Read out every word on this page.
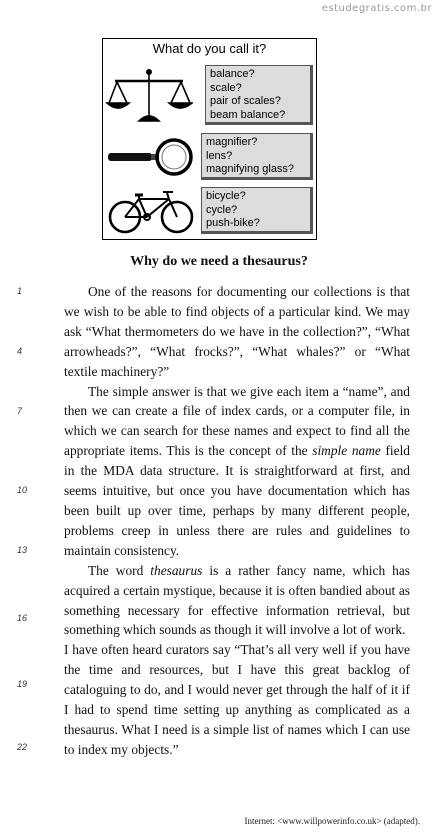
estudegratis.com.br
What do you call it?
balance?
scale?
pair of scales?
beam balance?
magnifier?
lens?
magnifying glass?
bicycle?
cycle?
push-bike?
Why do we need a thesaurus?
1
4
7
10
13
16
19
22

One of the reasons for documenting our collections is that we wish to be able to find objects of a particular kind. We may ask “What thermometers do we have in the collection?”, “What arrowheads?”, “What frocks?”, “What whales?” or “What textile machinery?”

The simple answer is that we give each item a “name”, and then we can create a file of index cards, or a computer file, in which we can search for these names and expect to find all the appropriate items. This is the concept of the simple name field in the MDA data structure. It is straightforward at first, and seems intuitive, but once you have documentation which has been built up over time, perhaps by many different people, problems creep in unless there are rules and guidelines to maintain consistency.

The word thesaurus is a rather fancy name, which has acquired a certain mystique, because it is often bandied about as something necessary for effective information retrieval, but something which sounds as though it will involve a lot of work.

I have often heard curators say “That’s all very well if you have the time and resources, but I have this great backlog of cataloguing to do, and I would never get through the half of it if I had to spend time setting up anything as complicated as a thesaurus. What I need is a simple list of names which I can use to index my objects.”

Internet: <www.willpowerinfo.co.uk> (adapted).
